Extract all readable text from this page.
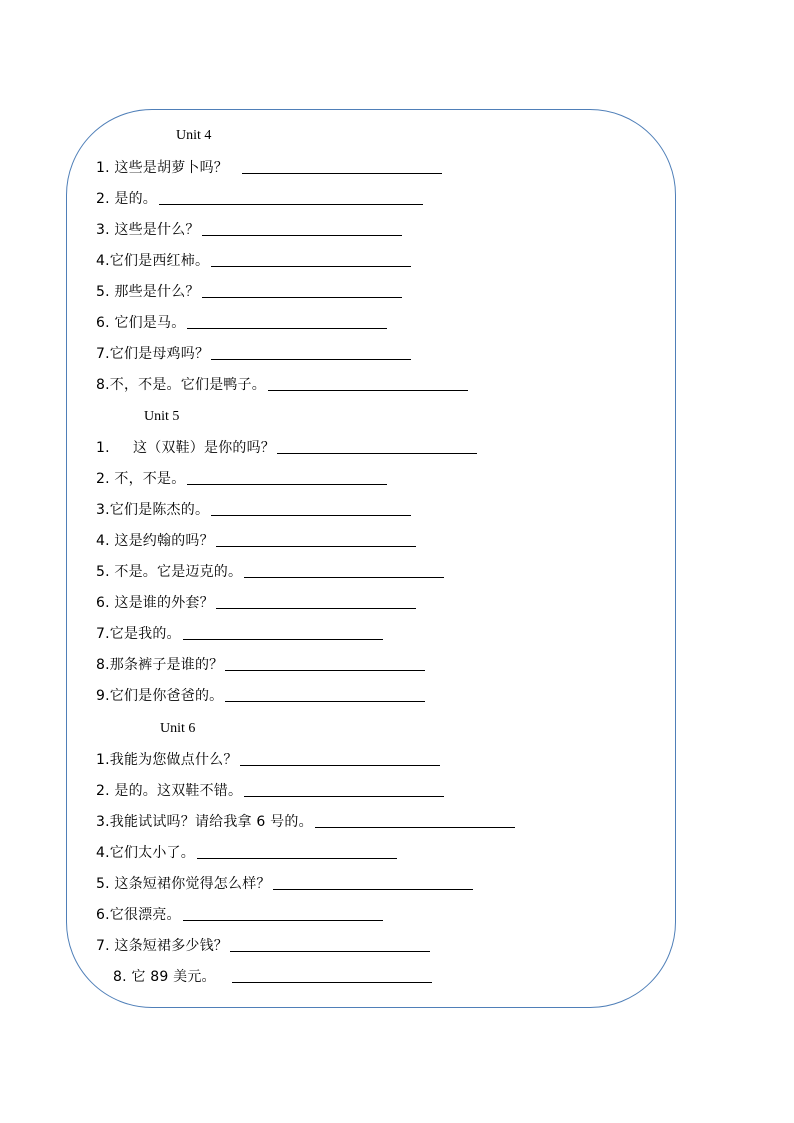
Unit 4
1. 这些是胡萝卜吗？
2. 是的。
3. 这些是什么？
4.它们是西红柿。
5. 那些是什么？
6. 它们是马。
7.它们是母鸡吗？
8.不，不是。它们是鸭子。
Unit 5
1.     这（双鞋）是你的吗？
2. 不，不是。
3.它们是陈杰的。
4. 这是约翰的吗？
5. 不是。它是迈克的。
6. 这是谁的外套？
7.它是我的。
8.那条裤子是谁的？
9.它们是你爸爸的。
Unit 6
1.我能为您做点什么？
2. 是的。这双鞋不错。
3.我能试试吗？请给我拿 6 号的。
4.它们太小了。
5. 这条短裙你觉得怎么样？
6.它很漂亮。
7. 这条短裙多少钱？
8. 它 89 美元。
